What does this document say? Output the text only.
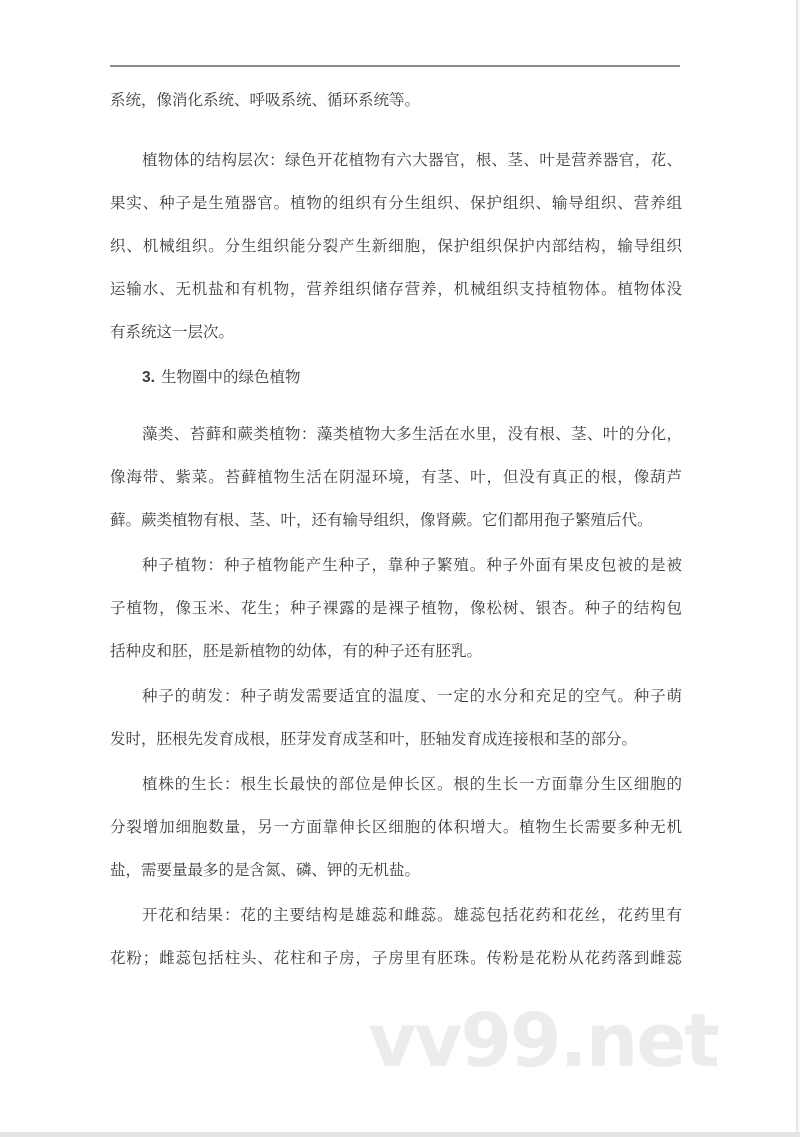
系统，像消化系统、呼吸系统、循环系统等。
植物体的结构层次：绿色开花植物有六大器官，根、茎、叶是营养器官，花、
果实、种子是生殖器官。植物的组织有分生组织、保护组织、输导组织、营养组
织、机械组织。分生组织能分裂产生新细胞，保护组织保护内部结构，输导组织
运输水、无机盐和有机物，营养组织储存营养，机械组织支持植物体。植物体没
有系统这一层次。
3. 生物圈中的绿色植物
藻类、苔藓和蕨类植物：藻类植物大多生活在水里，没有根、茎、叶的分化，
像海带、紫菜。苔藓植物生活在阴湿环境，有茎、叶，但没有真正的根，像葫芦
藓。蕨类植物有根、茎、叶，还有输导组织，像肾蕨。它们都用孢子繁殖后代。
种子植物：种子植物能产生种子，靠种子繁殖。种子外面有果皮包被的是被
子植物，像玉米、花生；种子裸露的是裸子植物，像松树、银杏。种子的结构包
括种皮和胚，胚是新植物的幼体，有的种子还有胚乳。
种子的萌发：种子萌发需要适宜的温度、一定的水分和充足的空气。种子萌
发时，胚根先发育成根，胚芽发育成茎和叶，胚轴发育成连接根和茎的部分。
植株的生长：根生长最快的部位是伸长区。根的生长一方面靠分生区细胞的
分裂增加细胞数量，另一方面靠伸长区细胞的体积增大。植物生长需要多种无机
盐，需要量最多的是含氮、磷、钾的无机盐。
开花和结果：花的主要结构是雄蕊和雌蕊。雄蕊包括花药和花丝，花药里有
花粉；雌蕊包括柱头、花柱和子房，子房里有胚珠。传粉是花粉从花药落到雌蕊
vv99.net
